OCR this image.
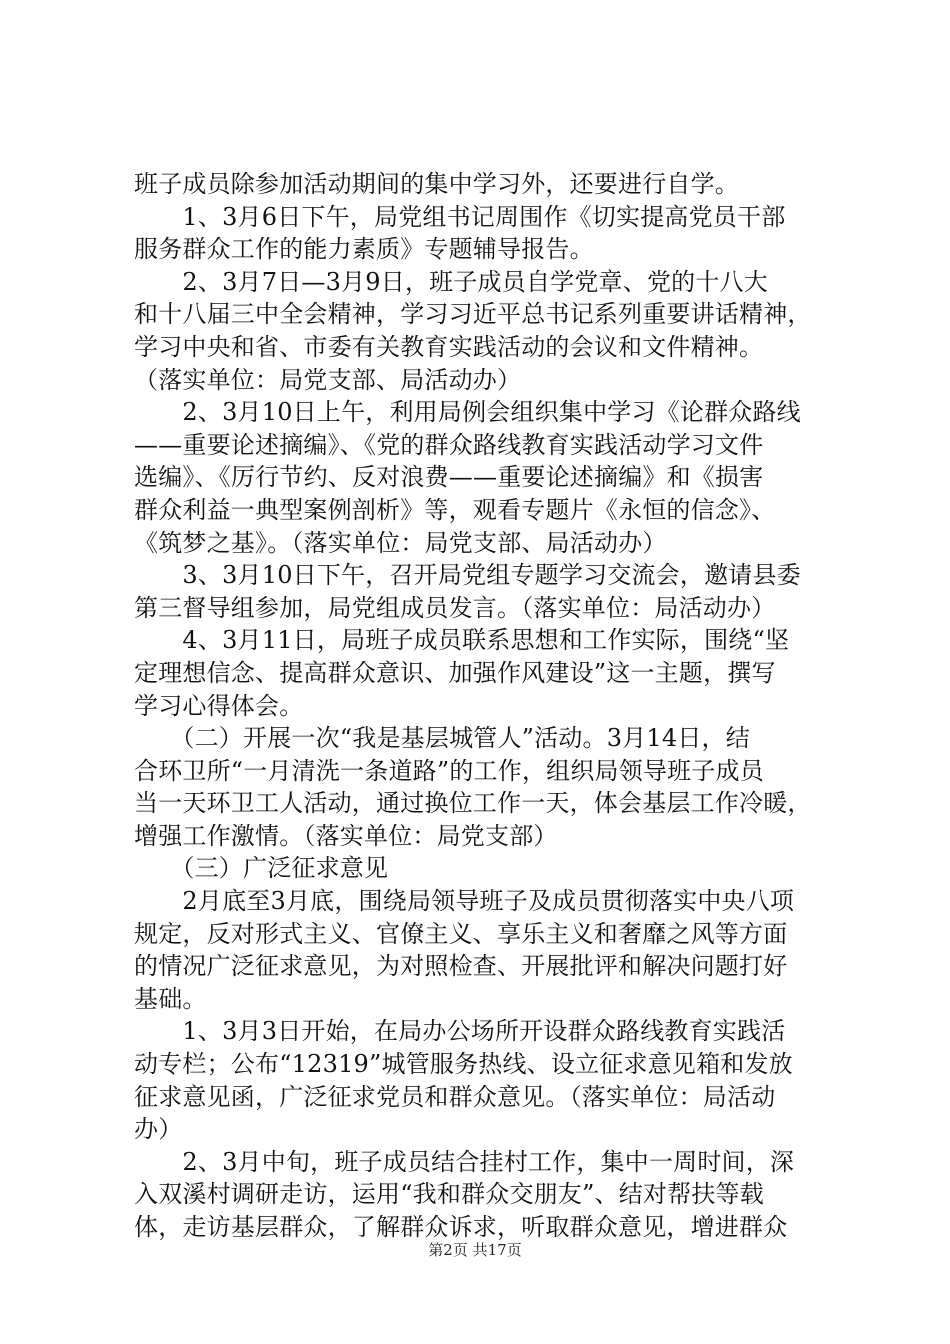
班子成员除参加活动期间的集中学习外，还要进行自学。
　　1、3月6日下午，局党组书记周围作《切实提高党员干部
服务群众工作的能力素质》专题辅导报告。
　　2、3月7日—3月9日，班子成员自学党章、党的十八大
和十八届三中全会精神，学习习近平总书记系列重要讲话精神，
学习中央和省、市委有关教育实践活动的会议和文件精神。
（落实单位：局党支部、局活动办）
　　2、3月10日上午，利用局例会组织集中学习《论群众路线
——重要论述摘编》、《党的群众路线教育实践活动学习文件
选编》、《厉行节约、反对浪费——重要论述摘编》和《损害
群众利益一典型案例剖析》等，观看专题片《永恒的信念》、
《筑梦之基》。（落实单位：局党支部、局活动办）
　　3、3月10日下午，召开局党组专题学习交流会，邀请县委
第三督导组参加，局党组成员发言。（落实单位：局活动办）
　　4、3月11日，局班子成员联系思想和工作实际，围绕“坚
定理想信念、提高群众意识、加强作风建设”这一主题，撰写
学习心得体会。
　　（二）开展一次“我是基层城管人”活动。3月14日，结
合环卫所“一月清洗一条道路”的工作，组织局领导班子成员
当一天环卫工人活动，通过换位工作一天，体会基层工作冷暖，
增强工作激情。（落实单位：局党支部）
　　（三）广泛征求意见
　　2月底至3月底，围绕局领导班子及成员贯彻落实中央八项
规定，反对形式主义、官僚主义、享乐主义和奢靡之风等方面
的情况广泛征求意见，为对照检查、开展批评和解决问题打好
基础。
　　1、3月3日开始，在局办公场所开设群众路线教育实践活
动专栏；公布“12319”城管服务热线、设立征求意见箱和发放
征求意见函，广泛征求党员和群众意见。（落实单位：局活动
办）
　　2、3月中旬，班子成员结合挂村工作，集中一周时间，深
入双溪村调研走访，运用“我和群众交朋友”、结对帮扶等载
体，走访基层群众，了解群众诉求，听取群众意见，增进群众
第2页 共17页
